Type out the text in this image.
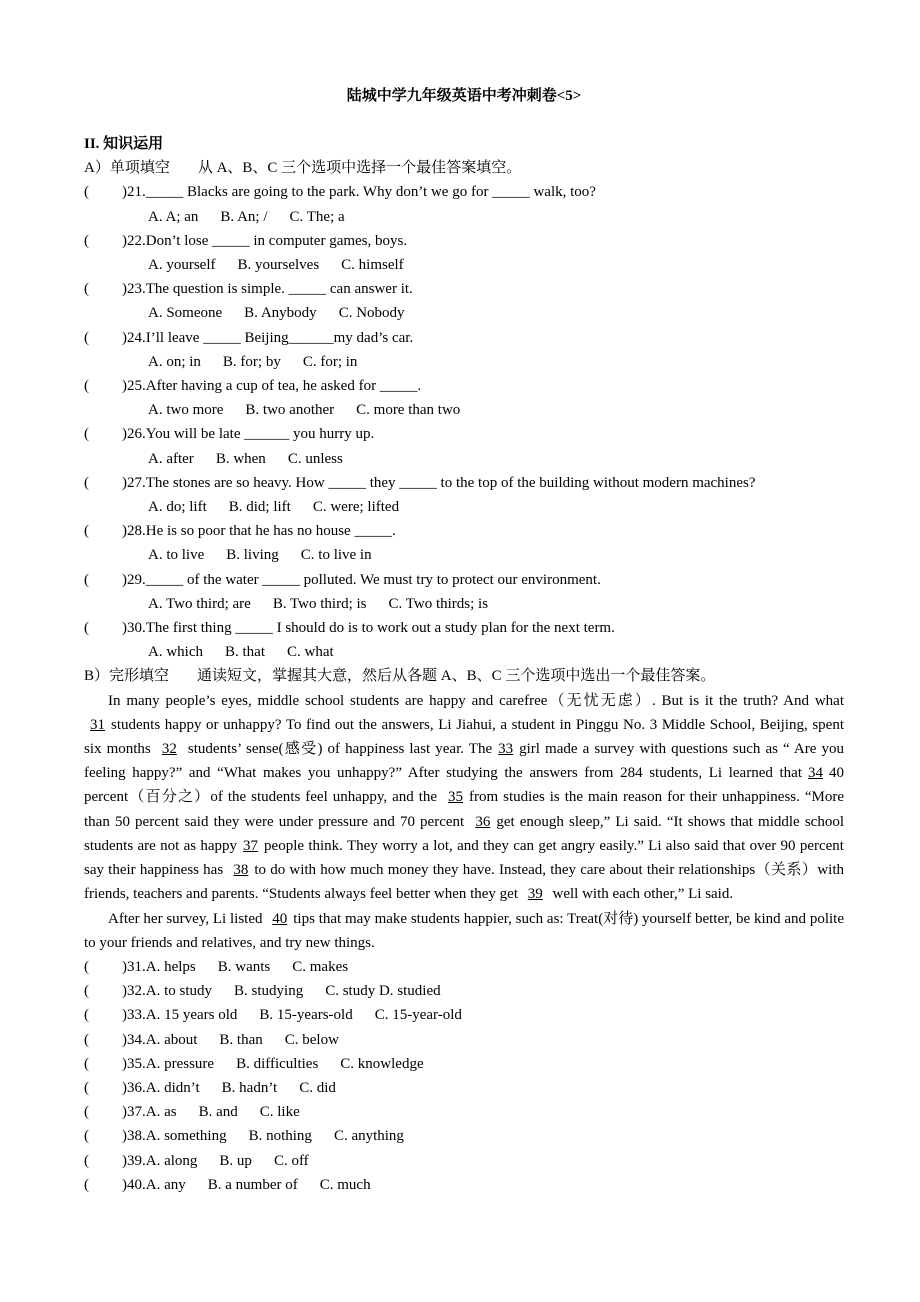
陆城中学九年级英语中考冲刺卷<5>
II. 知识运用
A）单项填空 从 A、B、C 三个选项中选择一个最佳答案填空。
(	)21. _____ Blacks are going to the park. Why don’t we go for _____ walk, too?
A. A; an B. An; / C. The; a
(	)22. Don’t lose _____ in computer games, boys.
A. yourself B. yourselves C. himself
(	)23. The question is simple. _____ can answer it.
A. Someone B. Anybody C. Nobody
(	)24. I’ll leave _____ Beijing______my dad’s car.
A. on; in B. for; by C. for; in
(	)25. After having a cup of tea, he asked for _____.
A. two more B. two another C. more than two
(	)26. You will be late ______ you hurry up.
A. after B. when C. unless
(	)27. The stones are so heavy. How _____ they _____ to the top of the building without modern machines?
A. do; lift B. did; lift C. were; lifted
(	)28. He is so poor that he has no house _____.
A. to live B. living C. to live in
(	)29. _____ of the water _____ polluted. We must try to protect our environment.
A. Two third; are B. Two third; is C. Two thirds; is
(	)30. The first thing _____ I should do is to work out a study plan for the next term.
A. which B. that C. what
B）完形填空 通读短文，掌握其大意，然后从各题 A、B、C 三个选项中选出一个最佳答案。

In many people’s eyes, middle school students are happy and carefree（无忧无虑）. But is it the truth? And what 31 students happy or unhappy? To find out the answers, Li Jiahui, a student in Pinggu No. 3 Middle School, Beijing, spent six months 32 students’ sense(感受) of happiness last year. The 33 girl made a survey with questions such as “ Are you feeling happy?” and “What makes you unhappy?” After studying the answers from 284 students, Li learned that 34 40 percent（百分之）of the students feel unhappy, and the 35 from studies is the main reason for their unhappiness. “More than 50 percent said they were under pressure and 70 percent 36 get enough sleep,” Li said. “It shows that middle school students are not as happy 37 people think. They worry a lot, and they can get angry easily.” Li also said that over 90 percent say their happiness has 38 to do with how much money they have. Instead, they care about their relationships（关系）with friends, teachers and parents. “Students always feel better when they get 39 well with each other,” Li said.

After her survey, Li listed 40 tips that may make students happier, such as: Treat(对待) yourself better, be kind and polite to your friends and relatives, and try new things.

(	)31. A. helps B. wants C. makes
(	)32. A. to study B. studying C. study D. studied
(	)33. A. 15 years old B. 15-years-old C. 15-year-old
(	)34. A. about B. than C. below
(	)35. A. pressure B. difficulties C. knowledge
(	)36. A. didn’t B. hadn’t C. did
(	)37. A. as B. and C. like
(	)38. A. something B. nothing C. anything
(	)39. A. along B. up C. off
(	)40. A. any B. a number of C. much
